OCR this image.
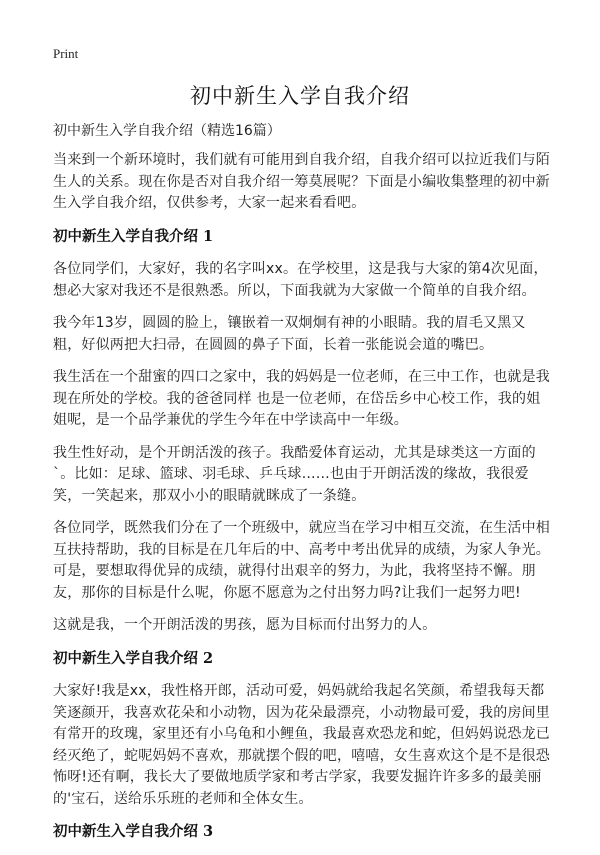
Print
初中新生入学自我介绍
初中新生入学自我介绍（精选16篇）

当来到一个新环境时，我们就有可能用到自我介绍，自我介绍可以拉近我们与陌生人的关系。现在你是否对自我介绍一筹莫展呢？下面是小编收集整理的初中新生入学自我介绍，仅供参考，大家一起来看看吧。

初中新生入学自我介绍 1

各位同学们，大家好，我的名字叫xx。在学校里，这是我与大家的第4次见面，想必大家对我还不是很熟悉。所以，下面我就为大家做一个简单的自我介绍。

我今年13岁，圆圆的脸上，镶嵌着一双炯炯有神的小眼睛。我的眉毛又黑又粗，好似两把大扫帚，在圆圆的鼻子下面，长着一张能说会道的嘴巴。

我生活在一个甜蜜的四口之家中，我的妈妈是一位老师，在三中工作，也就是我现在所处的学校。我的爸爸同样 也是一位老师，在岱岳乡中心校工作，我的姐姐呢，是一个品学兼优的学生今年在中学读高中一年级。

我生性好动，是个开朗活泼的孩子。我酷爱体育运动，尤其是球类这一方面的`。比如：足球、篮球、羽毛球、乒乓球……也由于开朗活泼的缘故，我很爱笑，一笑起来，那双小小的眼睛就眯成了一条缝。

各位同学，既然我们分在了一个班级中，就应当在学习中相互交流，在生活中相互扶持帮助，我的目标是在几年后的中、高考中考出优异的成绩，为家人争光。可是，要想取得优异的成绩，就得付出艰辛的努力，为此，我将坚持不懈。朋友，那你的目标是什么呢，你愿不愿意为之付出努力吗?让我们一起努力吧!

这就是我，一个开朗活泼的男孩，愿为目标而付出努力的人。

初中新生入学自我介绍 2

大家好!我是xx，我性格开郎，活动可爱，妈妈就给我起名笑颜，希望我每天都笑逐颜开，我喜欢花朵和小动物，因为花朵最漂亮，小动物最可爱，我的房间里有常开的玫瑰，家里还有小乌龟和小鲤鱼，我最喜欢恐龙和蛇，但妈妈说恐龙已经灭绝了，蛇呢妈妈不喜欢，那就摆个假的吧，嘻嘻，女生喜欢这个是不是很恐怖呀!还有啊，我长大了要做地质学家和考古学家，我要发掘许许多多的最美丽的'宝石，送给乐乐班的老师和全体女生。

初中新生入学自我介绍 3
